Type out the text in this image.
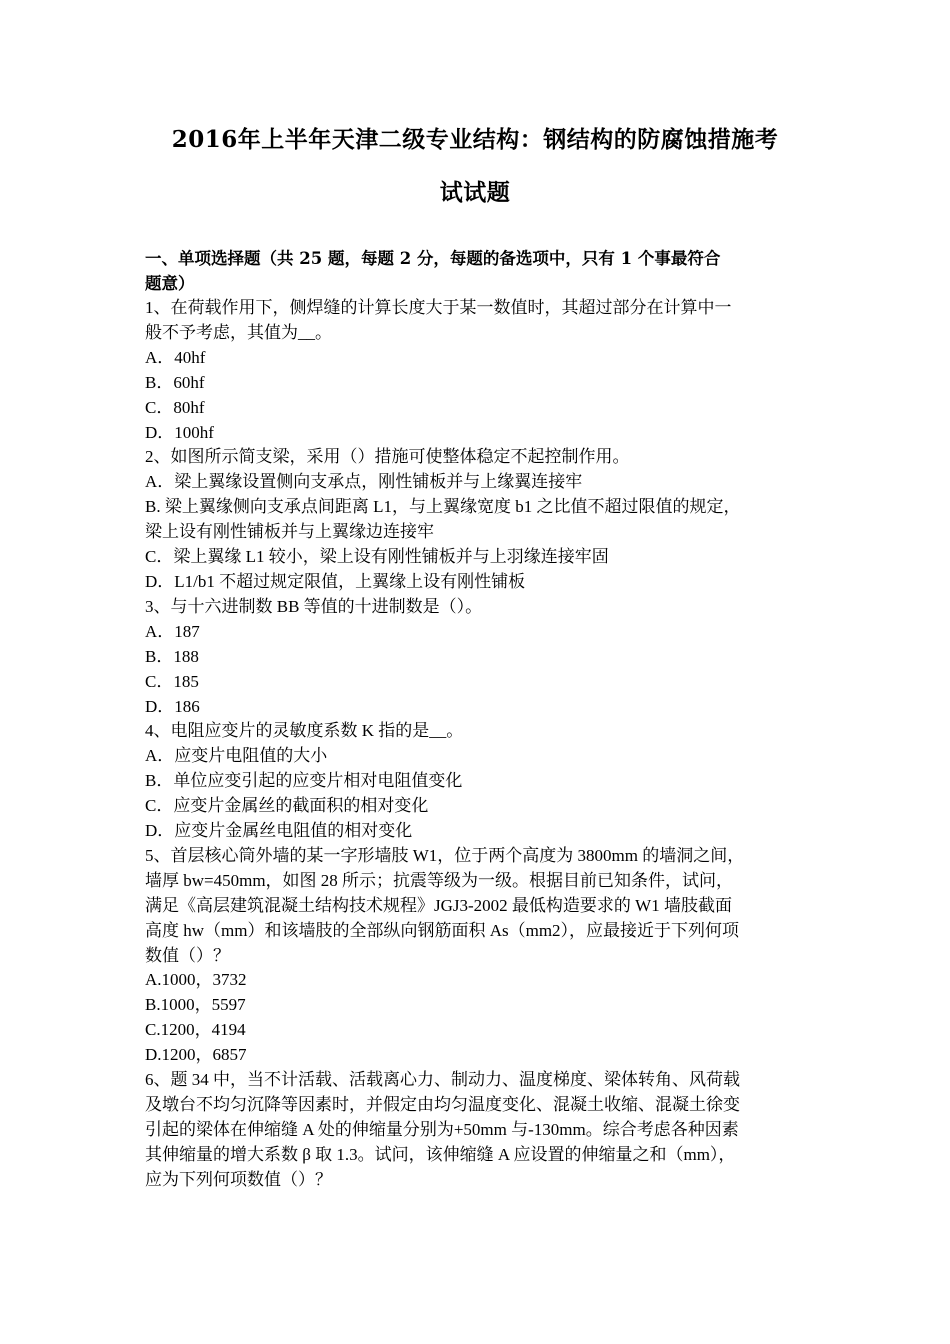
2016年上半年天津二级专业结构：钢结构的防腐蚀措施考
试试题

一、单项选择题（共 25 题，每题 2 分，每题的备选项中，只有 1 个事最符合

题意）

1、在荷载作用下，侧焊缝的计算长度大于某一数值时，其超过部分在计算中一

般不予考虑，其值为__。

A．40hf

B．60hf

C．80hf

D．100hf

2、如图所示简支梁，采用（）措施可使整体稳定不起控制作用。

A．梁上翼缘设置侧向支承点，刚性铺板并与上缘翼连接牢

B. 梁上翼缘侧向支承点间距离 L1，与上翼缘宽度 b1 之比值不超过限值的规定，

梁上设有刚性铺板并与上翼缘边连接牢

C．梁上翼缘 L1 较小，梁上设有刚性铺板并与上羽缘连接牢固

D．L1/b1 不超过规定限值，上翼缘上设有刚性铺板

3、与十六进制数 BB 等值的十进制数是（）。

A．187

B．188

C．185

D．186

4、电阻应变片的灵敏度系数 K 指的是__。

A．应变片电阻值的大小

B．单位应变引起的应变片相对电阻值变化

C．应变片金属丝的截面积的相对变化

D．应变片金属丝电阻值的相对变化

5、首层核心筒外墙的某一字形墙肢 W1，位于两个高度为 3800mm 的墙洞之间，

墙厚 bw=450mm，如图 28 所示；抗震等级为一级。根据目前已知条件，试问，

满足《高层建筑混凝土结构技术规程》JGJ3-2002 最低构造要求的 W1 墙肢截面

高度 hw（mm）和该墙肢的全部纵向钢筋面积 As（mm2），应最接近于下列何项

数值（）？

A.1000，3732

B.1000，5597

C.1200，4194

D.1200，6857

6、题 34 中，当不计活载、活载离心力、制动力、温度梯度、梁体转角、风荷载

及墩台不均匀沉降等因素时，并假定由均匀温度变化、混凝土收缩、混凝土徐变

引起的梁体在伸缩缝 A 处的伸缩量分别为+50mm 与-130mm。综合考虑各种因素

其伸缩量的增大系数 β 取 1.3。试问，该伸缩缝 A 应设置的伸缩量之和（mm），

应为下列何项数值（）？
